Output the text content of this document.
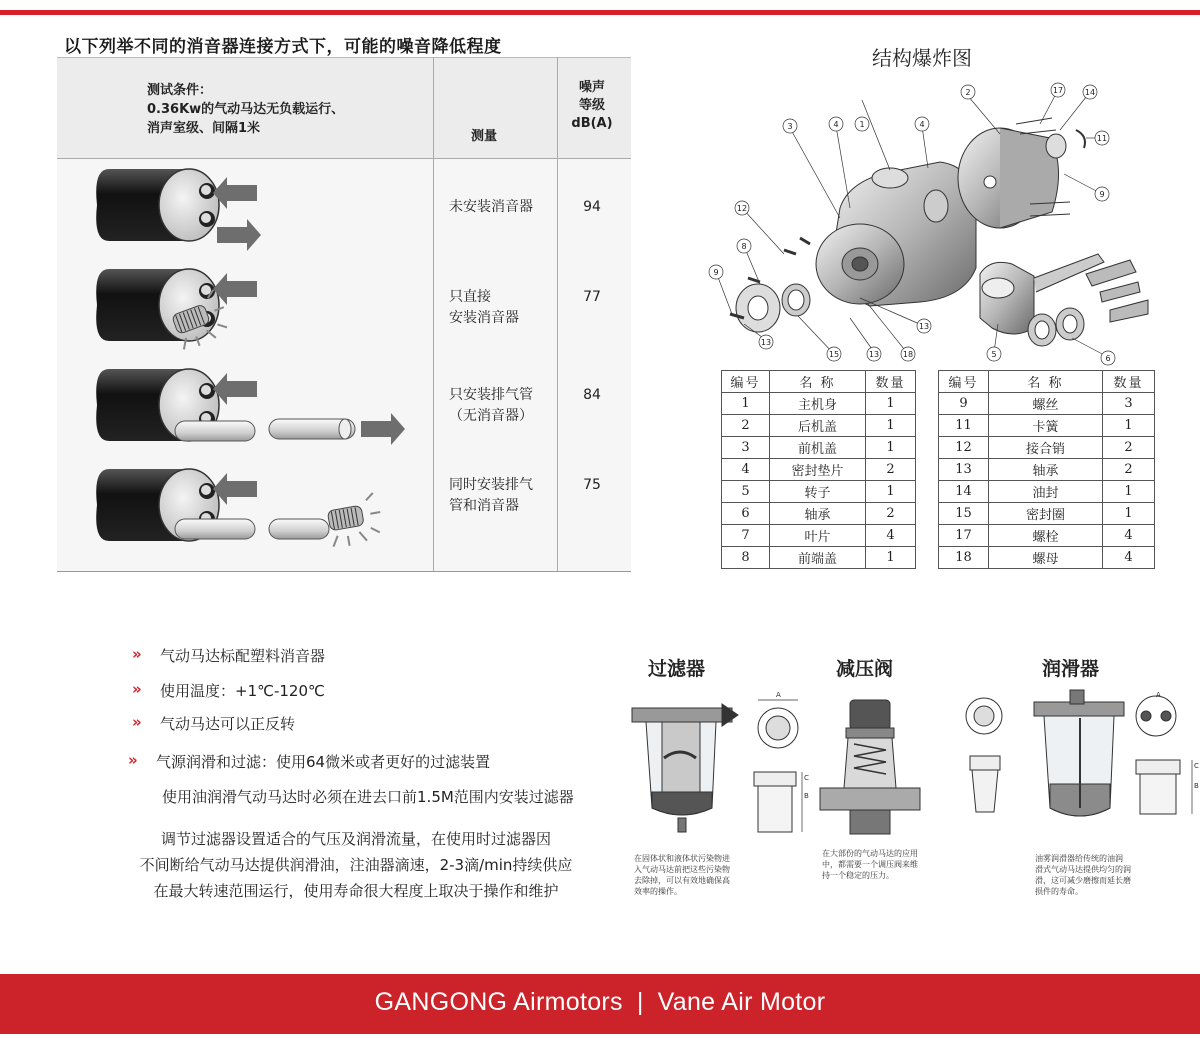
以下列举不同的消音器连接方式下，可能的噪音降低程度
测试条件：
0.36Kw的气动马达无负载运行、
消声室级、间隔1米
测量
噪声
等级
dB(A)
未安装消音器	94
只直接
安装消音器
77
只安装排气管
（无消音器）
84
同时安装排气
管和消音器
75
结构爆炸图
1
2
3	4	4
5	6
8
9
9
11
12
13
13
13
14
15
17
18
编号	名 称	数量
1	主机身	1
2	后机盖	1
3	前机盖	1
4	密封垫片	2
5	转子	1
6	轴承	2
7	叶片	4
8	前端盖	1
编号	名 称	数量
9	螺丝	3
11	卡簧	1
12	接合销	2
13	轴承	2
14	油封	1
15	密封圈	1
17	螺栓	4
18	螺母	4
» 气动马达标配塑料消音器
» 使用温度：+1℃-120℃
» 气动马达可以正反转
» 气源润滑和过滤：使用64微米或者更好的过滤装置
使用油润滑气动马达时必须在进去口前1.5M范围内安装过滤器
调节过滤器设置适合的气压及润滑流量，在使用时过滤器因
不间断给气动马达提供润滑油，注油器滴速，2-3滴/min持续供应
在最大转速范围运行，使用寿命很大程度上取决于操作和维护
过滤器	减压阀	润滑器
A
B
C
A
B
C
在固体状和液体状污染物进
入气动马达前把这些污染物
去除掉，可以有效地确保高
效率的操作。
在大部份的气动马达的应用
中，都需要一个调压阀来维
持一个稳定的压力。
油雾润滑器给传统的油润
滑式气动马达提供均匀的润
滑，这可减少磨擦而延长磨
损件的寿命。
GANGONG Airmotors | Vane Air Motor
